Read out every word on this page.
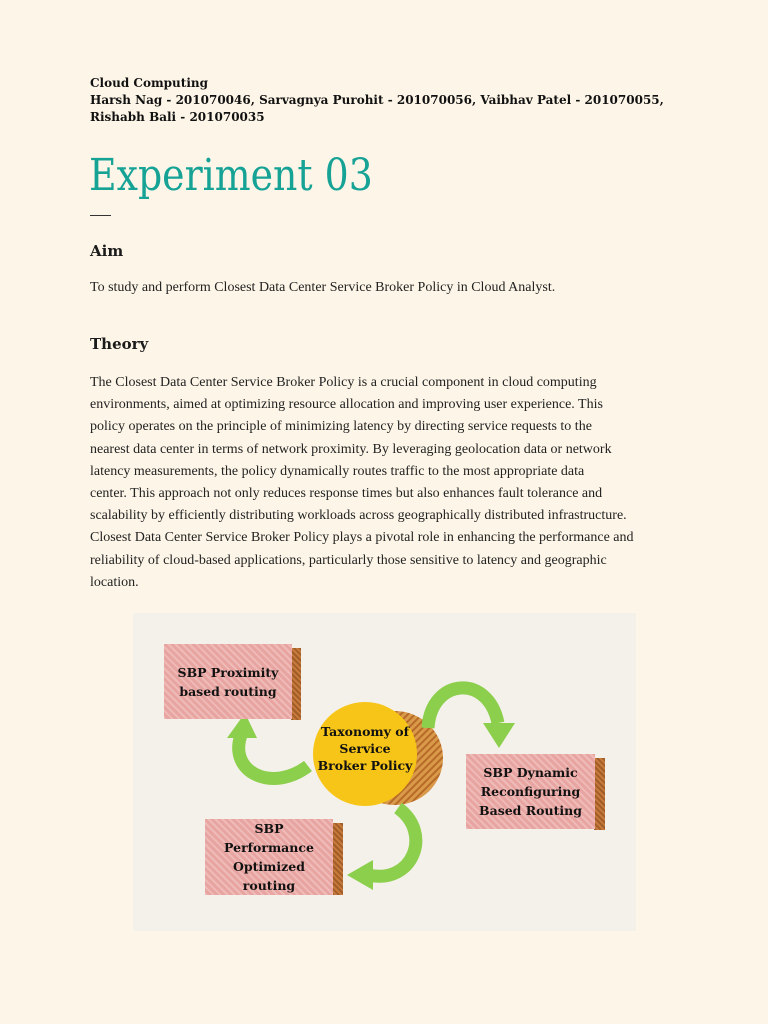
Cloud Computing
Harsh Nag - 201070046, Sarvagnya Purohit - 201070056, Vaibhav Patel - 201070055,
Rishabh Bali - 201070035
Experiment 03
Aim
To study and perform Closest Data Center Service Broker Policy in Cloud Analyst.
Theory
The Closest Data Center Service Broker Policy is a crucial component in cloud computing
environments, aimed at optimizing resource allocation and improving user experience. This
policy operates on the principle of minimizing latency by directing service requests to the
nearest data center in terms of network proximity. By leveraging geolocation data or network
latency measurements, the policy dynamically routes traffic to the most appropriate data
center. This approach not only reduces response times but also enhances fault tolerance and
scalability by efficiently distributing workloads across geographically distributed infrastructure.
Closest Data Center Service Broker Policy plays a pivotal role in enhancing the performance and
reliability of cloud-based applications, particularly those sensitive to latency and geographic
location.
SBP Proximity
based routing
SBP Dynamic
Reconfiguring
Based Routing
SBP
Performance
Optimized
routing
Taxonomy of
Service
Broker Policy
